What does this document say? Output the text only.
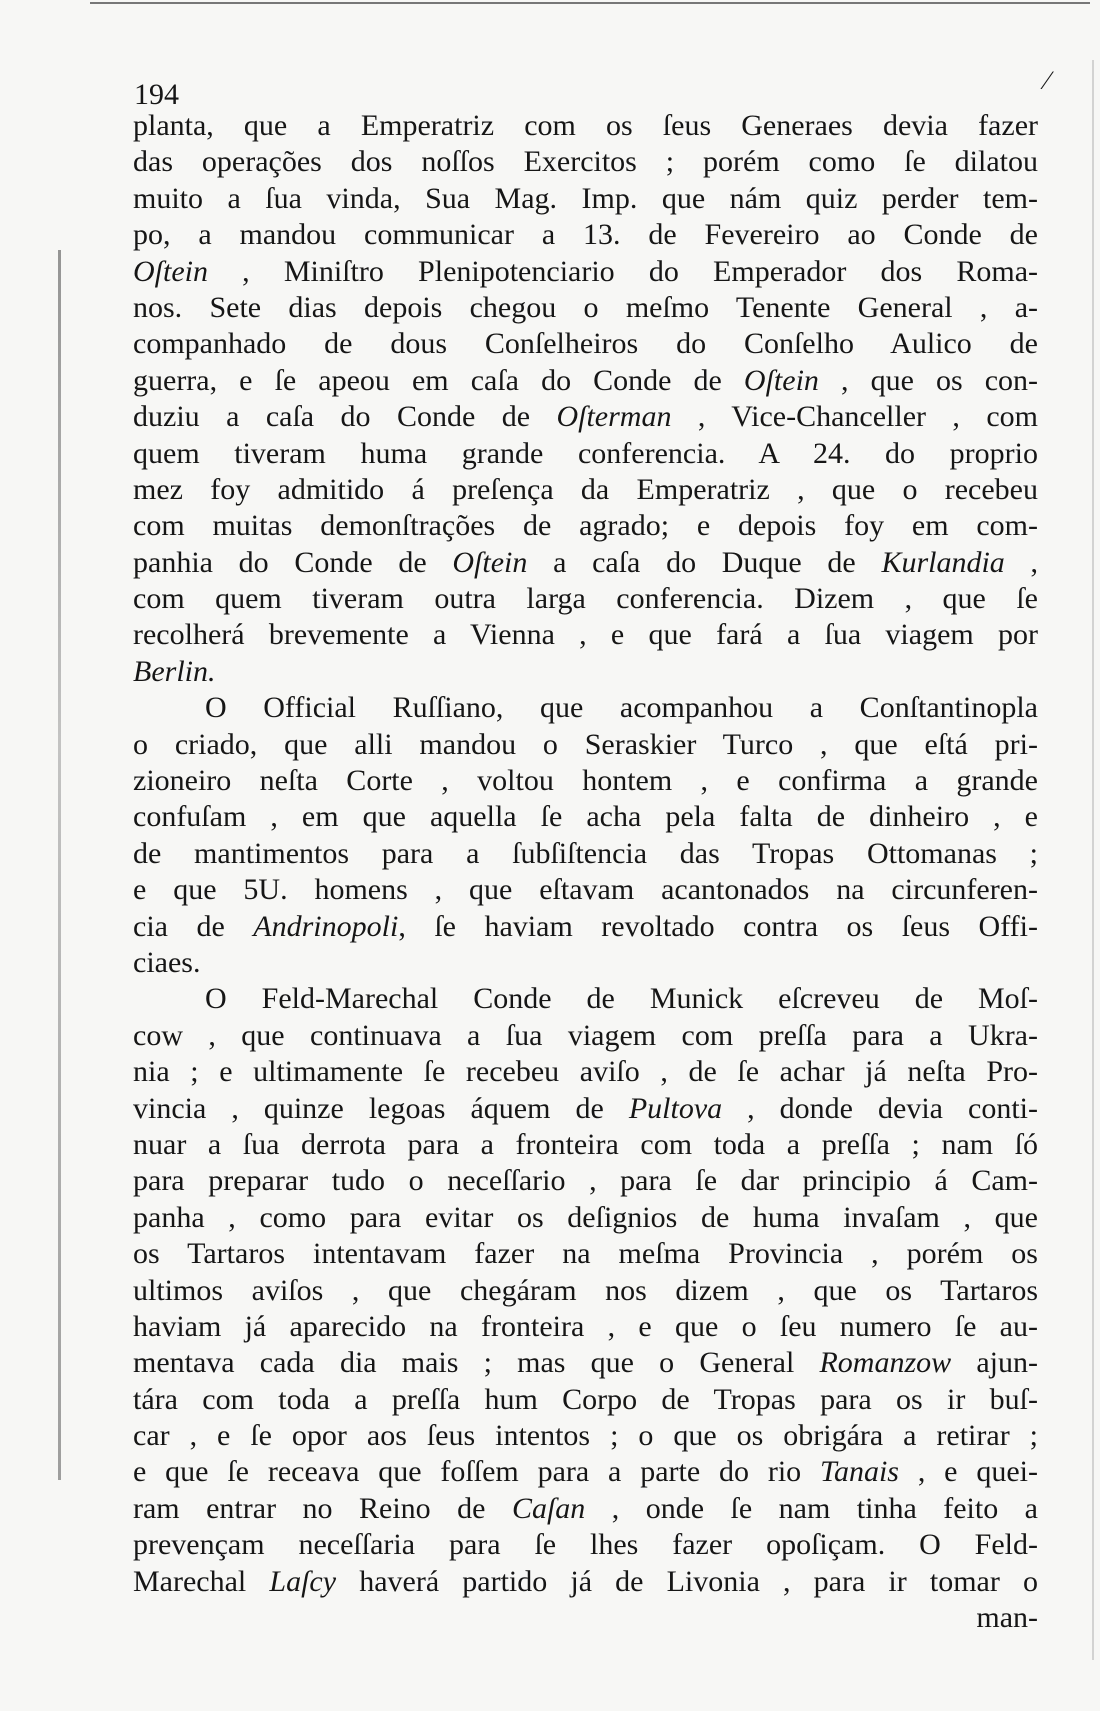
194	⁄
planta, que a Emperatriz com os ſeus Generaes devia fazer
das operações dos noſſos Exercitos ; porém como ſe dilatou
muito a ſua vinda, Sua Mag. Imp. que nám quiz perder tem-
po, a mandou communicar a 13. de Fevereiro ao Conde de
Oſtein , Miniſtro Plenipotenciario do Emperador dos Roma-
nos. Sete dias depois chegou o meſmo Tenente General , a-
companhado de dous Conſelheiros do Conſelho Aulico de
guerra, e ſe apeou em caſa do Conde de Oſtein , que os con-
duziu a caſa do Conde de Oſterman , Vice-Chanceller , com
quem tiveram huma grande conferencia. A 24. do proprio
mez foy admitido á preſença da Emperatriz , que o recebeu
com muitas demonſtrações de agrado; e depois foy em com-
panhia do Conde de Oſtein a caſa do Duque de Kurlandia ,
com quem tiveram outra larga conferencia. Dizem , que ſe
recolherá brevemente a Vienna , e que fará a ſua viagem por
Berlin.
O Official Ruſſiano, que acompanhou a Conſtantinopla
o criado, que alli mandou o Seraskier Turco , que eſtá pri-
zioneiro neſta Corte , voltou hontem , e confirma a grande
confuſam , em que aquella ſe acha pela falta de dinheiro , e
de mantimentos para a ſubſiſtencia das Tropas Ottomanas ;
e que 5U. homens , que eſtavam acantonados na circunferen-
cia de Andrinopoli, ſe haviam revoltado contra os ſeus Offi-
ciaes.
O Feld-Marechal Conde de Munick eſcreveu de Moſ-
cow , que continuava a ſua viagem com preſſa para a Ukra-
nia ; e ultimamente ſe recebeu aviſo , de ſe achar já neſta Pro-
vincia , quinze legoas áquem de Pultova , donde devia conti-
nuar a ſua derrota para a fronteira com toda a preſſa ; nam ſó
para preparar tudo o neceſſario , para ſe dar principio á Cam-
panha , como para evitar os deſignios de huma invaſam , que
os Tartaros intentavam fazer na meſma Provincia , porém os
ultimos aviſos , que chegáram nos dizem , que os Tartaros
haviam já aparecido na fronteira , e que o ſeu numero ſe au-
mentava cada dia mais ; mas que o General Romanzow ajun-
tára com toda a preſſa hum Corpo de Tropas para os ir buſ-
car , e ſe opor aos ſeus intentos ; o que os obrigára a retirar ;
e que ſe receava que foſſem para a parte do rio Tanais , e quei-
ram entrar no Reino de Caſan , onde ſe nam tinha feito a
prevençam neceſſaria para ſe lhes fazer opoſiçam. O Feld-
Marechal Laſcy haverá partido já de Livonia , para ir tomar o
man-
